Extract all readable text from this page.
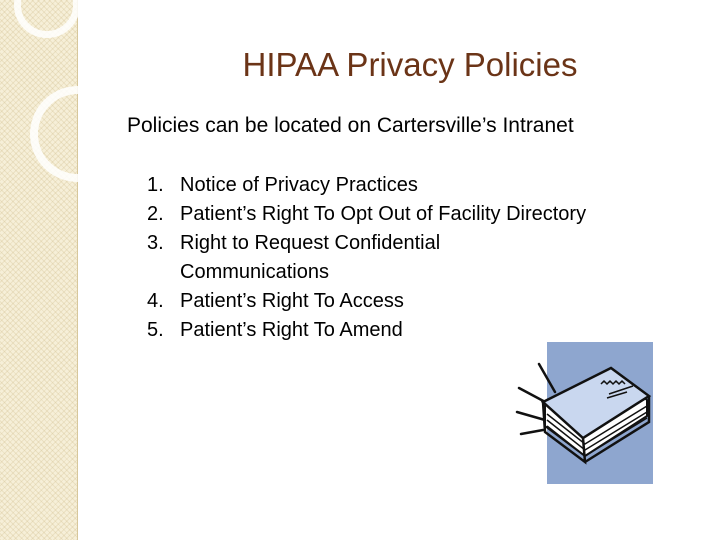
HIPAA Privacy Policies
Policies can be located on Cartersville’s Intranet
1. Notice of Privacy Practices
2. Patient’s Right To Opt Out of Facility Directory
3. Right to Request Confidential Communications
4. Patient’s Right To Access
5. Patient’s Right To Amend
